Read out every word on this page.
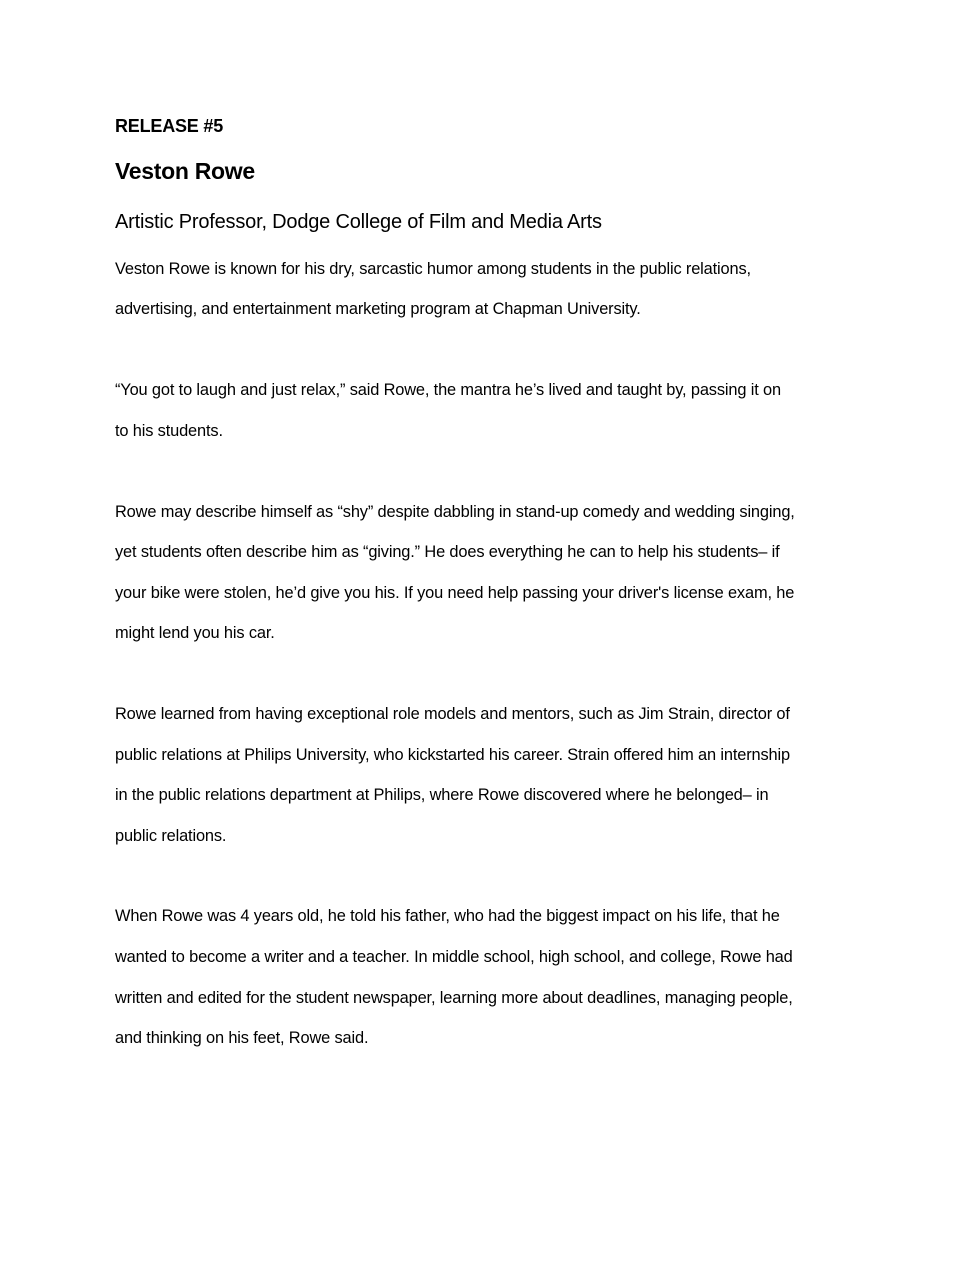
RELEASE #5
Veston Rowe
Artistic Professor, Dodge College of Film and Media Arts
Veston Rowe is known for his dry, sarcastic humor among students in the public relations,
advertising, and entertainment marketing program at Chapman University.
“You got to laugh and just relax,” said Rowe, the mantra he’s lived and taught by, passing it on
to his students.
Rowe may describe himself as “shy” despite dabbling in stand-up comedy and wedding singing,
yet students often describe him as “giving.” He does everything he can to help his students– if
your bike were stolen, he’d give you his. If you need help passing your driver's license exam, he
might lend you his car.
Rowe learned from having exceptional role models and mentors, such as Jim Strain, director of
public relations at Philips University, who kickstarted his career. Strain offered him an internship
in the public relations department at Philips, where Rowe discovered where he belonged– in
public relations.
When Rowe was 4 years old, he told his father, who had the biggest impact on his life, that he
wanted to become a writer and a teacher. In middle school, high school, and college, Rowe had
written and edited for the student newspaper, learning more about deadlines, managing people,
and thinking on his feet, Rowe said.
